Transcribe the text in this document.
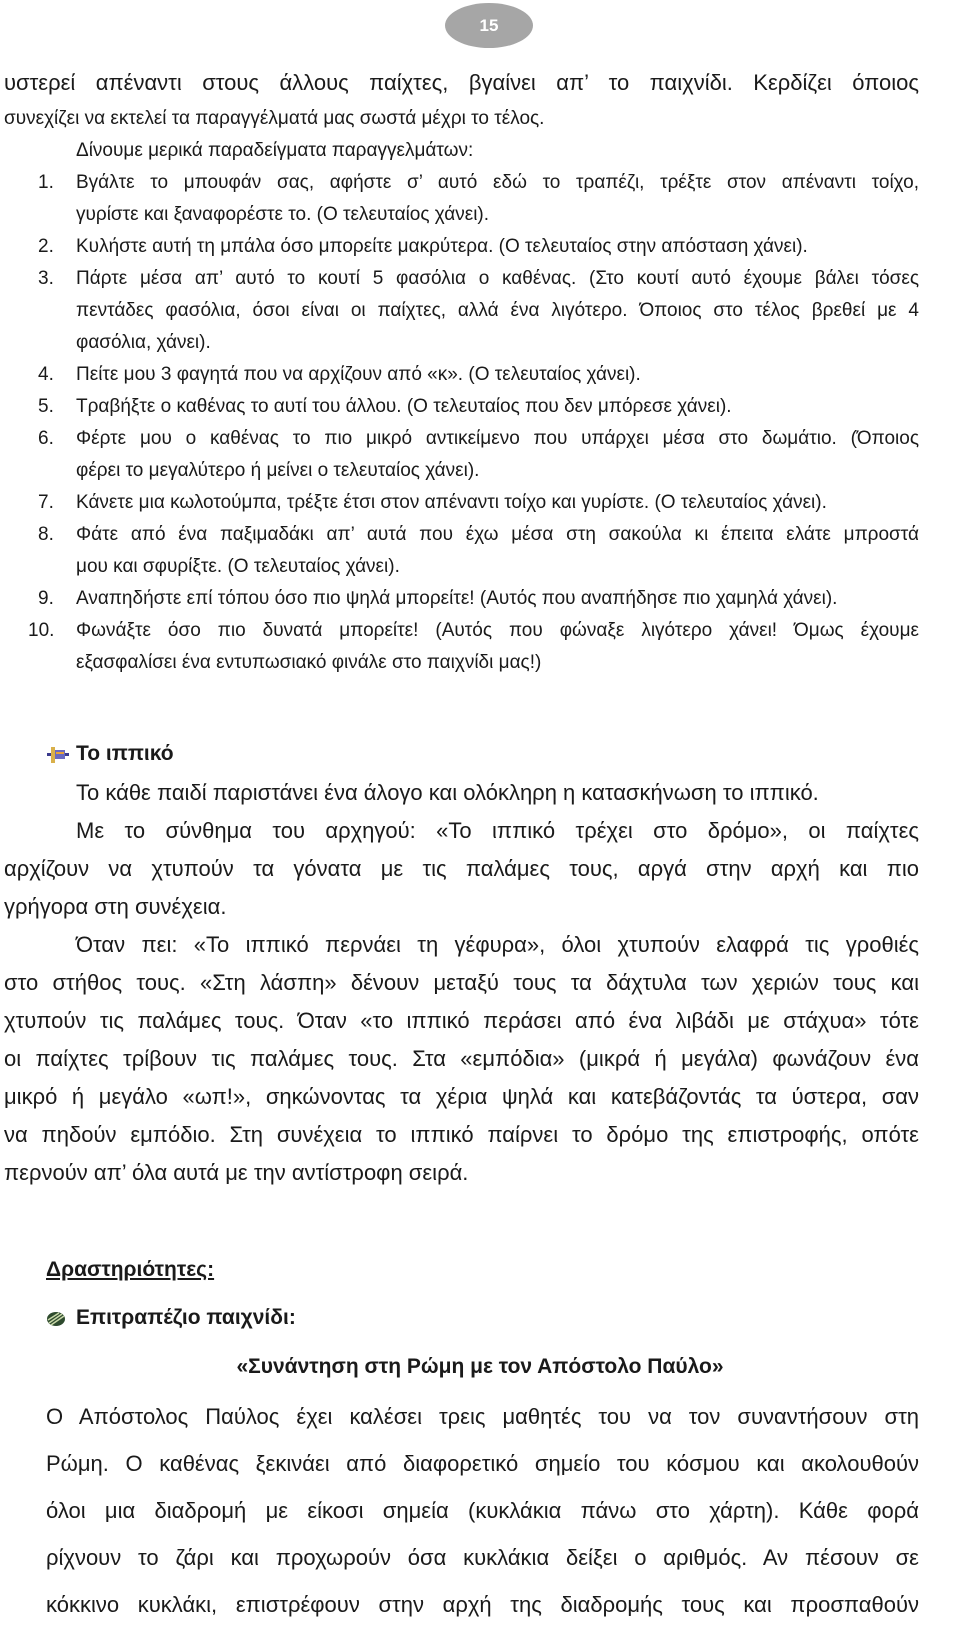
15
υστερεί απέναντι στους άλλους παίχτες, βγαίνει απ’ το παιχνίδι. Κερδίζει όποιος
συνεχίζει να εκτελεί τα παραγγέλματά μας σωστά μέχρι το τέλος.
Δίνουμε μερικά παραδείγματα παραγγελμάτων:
1. Βγάλτε το μπουφάν σας, αφήστε σ’ αυτό εδώ το τραπέζι, τρέξτε στον απέναντι τοίχο,
γυρίστε και ξαναφορέστε το. (Ο τελευταίος χάνει).
2. Κυλήστε αυτή τη μπάλα όσο μπορείτε μακρύτερα. (Ο τελευταίος στην απόσταση χάνει).
3. Πάρτε μέσα απ’ αυτό το κουτί 5 φασόλια ο καθένας. (Στο κουτί αυτό έχουμε βάλει τόσες
πεντάδες φασόλια, όσοι είναι οι παίχτες, αλλά ένα λιγότερο. Όποιος στο τέλος βρεθεί με 4
φασόλια, χάνει).
4. Πείτε μου 3 φαγητά που να αρχίζουν από «κ». (Ο τελευταίος χάνει).
5. Τραβήξτε ο καθένας το αυτί του άλλου. (Ο τελευταίος που δεν μπόρεσε χάνει).
6. Φέρτε μου ο καθένας το πιο μικρό αντικείμενο που υπάρχει μέσα στο δωμάτιο. (Όποιος
φέρει το μεγαλύτερο ή μείνει ο τελευταίος χάνει).
7. Κάνετε μια κωλοτούμπα, τρέξτε έτσι στον απέναντι τοίχο και γυρίστε. (Ο τελευταίος χάνει).
8. Φάτε από ένα παξιμαδάκι απ’ αυτά που έχω μέσα στη σακούλα κι έπειτα ελάτε μπροστά
μου και σφυρίξτε. (Ο τελευταίος χάνει).
9. Αναπηδήστε επί τόπου όσο πιο ψηλά μπορείτε! (Αυτός που αναπήδησε πιο χαμηλά χάνει).
10. Φωνάξτε όσο πιο δυνατά μπορείτε! (Αυτός που φώναξε λιγότερο χάνει! Όμως έχουμε
εξασφαλίσει ένα εντυπωσιακό φινάλε στο παιχνίδι μας!)
Το ιππικό
Το κάθε παιδί παριστάνει ένα άλογο και ολόκληρη η κατασκήνωση το ιππικό.
Με το σύνθημα του αρχηγού: «Το ιππικό τρέχει στο δρόμο», οι παίχτες
αρχίζουν να χτυπούν τα γόνατα με τις παλάμες τους, αργά στην αρχή και πιο
γρήγορα στη συνέχεια.
Όταν πει: «Το ιππικό περνάει τη γέφυρα», όλοι χτυπούν ελαφρά τις γροθιές
στο στήθος τους. «Στη λάσπη» δένουν μεταξύ τους τα δάχτυλα των χεριών τους και
χτυπούν τις παλάμες τους. Όταν «το ιππικό περάσει από ένα λιβάδι με στάχυα» τότε
οι παίχτες τρίβουν τις παλάμες τους. Στα «εμπόδια» (μικρά ή μεγάλα) φωνάζουν ένα
μικρό ή μεγάλο «ωπ!», σηκώνοντας τα χέρια ψηλά και κατεβάζοντάς τα ύστερα, σαν
να πηδούν εμπόδιο. Στη συνέχεια το ιππικό παίρνει το δρόμο της επιστροφής, οπότε
περνούν απ’ όλα αυτά με την αντίστροφη σειρά.
Δραστηριότητες:
Επιτραπέζιο παιχνίδι:
«Συνάντηση στη Ρώμη με τον Απόστολο Παύλο»
Ο Απόστολος Παύλος έχει καλέσει τρεις μαθητές του να τον συναντήσουν στη
Ρώμη. Ο καθένας ξεκινάει από διαφορετικό σημείο του κόσμου και ακολουθούν
όλοι μια διαδρομή με είκοσι σημεία (κυκλάκια πάνω στο χάρτη). Κάθε φορά
ρίχνουν το ζάρι και προχωρούν όσα κυκλάκια δείξει ο αριθμός. Αν πέσουν σε
κόκκινο κυκλάκι, επιστρέφουν στην αρχή της διαδρομής τους και προσπαθούν
